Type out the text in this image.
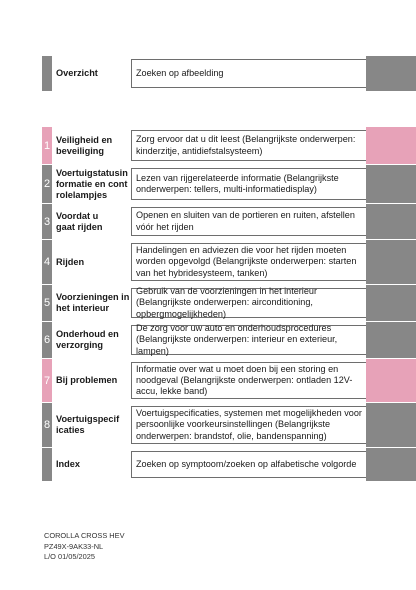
Overzicht	Zoeken op afbeelding
1 Veiligheid en beveiliging
Zorg ervoor dat u dit leest (Belangrijkste onderwerpen: kinderzitje, antidiefstalsysteem)
2
Voertuigstatusinformatie en controlelampjes
Lezen van rijgerelateerde informatie (Belangrijkste onderwerpen: tellers, multi-informatiedisplay)
3 Voordat u gaat rijden
Openen en sluiten van de portieren en ruiten, afstellen vóór het rijden
4 Rijden
Handelingen en adviezen die voor het rijden moeten worden opgevolgd (Belangrijkste onderwerpen: starten van het hybridesysteem, tanken)
5 Voorzieningen in het interieur
Gebruik van de voorzieningen in het interieur (Belangrijkste onderwerpen: airconditioning, opbergmogelijkheden)
6 Onderhoud en verzorging
De zorg voor uw auto en onderhoudsprocedures (Belangrijkste onderwerpen: interieur en exterieur, lampen)
7 Bij problemen
Informatie over wat u moet doen bij een storing en noodgeval (Belangrijkste onderwerpen: ontladen 12V-accu, lekke band)
8 Voertuigspecificaties
Voertuigspecificaties, systemen met mogelijkheden voor persoonlijke voorkeursinstellingen (Belangrijkste onderwerpen: brandstof, olie, bandenspanning)
Index	Zoeken op symptoom/zoeken op alfabetische volgorde
COROLLA CROSS HEV
PZ49X-9AK33-NL
L/O 01/05/2025
